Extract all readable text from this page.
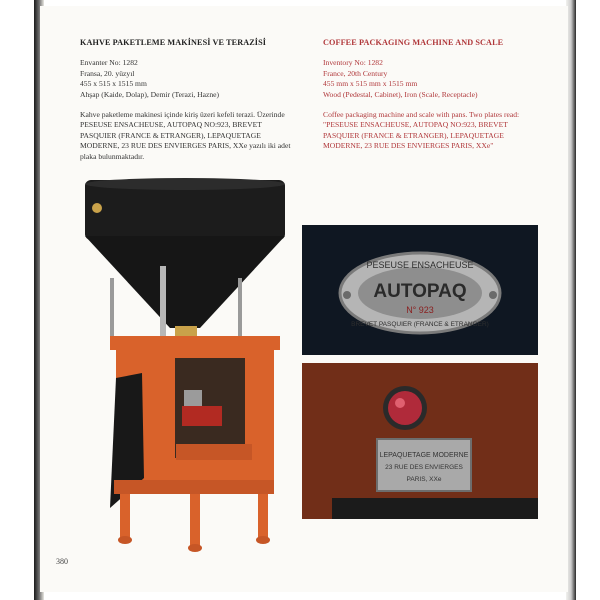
KAHVE PAKETLEME MAKİNESİ VE TERAZİSİ
Envanter No: 1282
Fransa, 20. yüzyıl
455 x 515 x 1515 mm
Ahşap (Kaide, Dolap), Demir (Terazi, Hazne)
Kahve paketleme makinesi içinde kiriş üzeri kefeli terazi. Üzerinde PESEUSE ENSACHEUSE, AUTOPAQ NO:923, BREVET PASQUIER (FRANCE & ETRANGER), LEPAQUETAGE MODERNE, 23 RUE DES ENVIERGES PARIS, XXe yazılı iki adet plaka bulunmaktadır.
COFFEE PACKAGING MACHINE AND SCALE
Inventory No: 1282
France, 20th Century
455 mm x 515 mm x 1515 mm
Wood (Pedestal, Cabinet), Iron (Scale, Receptacle)
Coffee packaging machine and scale with pans. Two plates read: "PESEUSE ENSACHEUSE, AUTOPAQ NO:923, BREVET PASQUIER (FRANCE & ETRANGER), LEPAQUETAGE MODERNE, 23 RUE DES ENVIERGES PARIS, XXe"
PESEUSE ENSACHEUSE
AUTOPAQ
N° 923
BREVET PASQUIER (FRANCE & ETRANGER)
LEPAQUETAGE MODERNE
23 RUE DES ENVIERGES
PARIS, XXe
380
